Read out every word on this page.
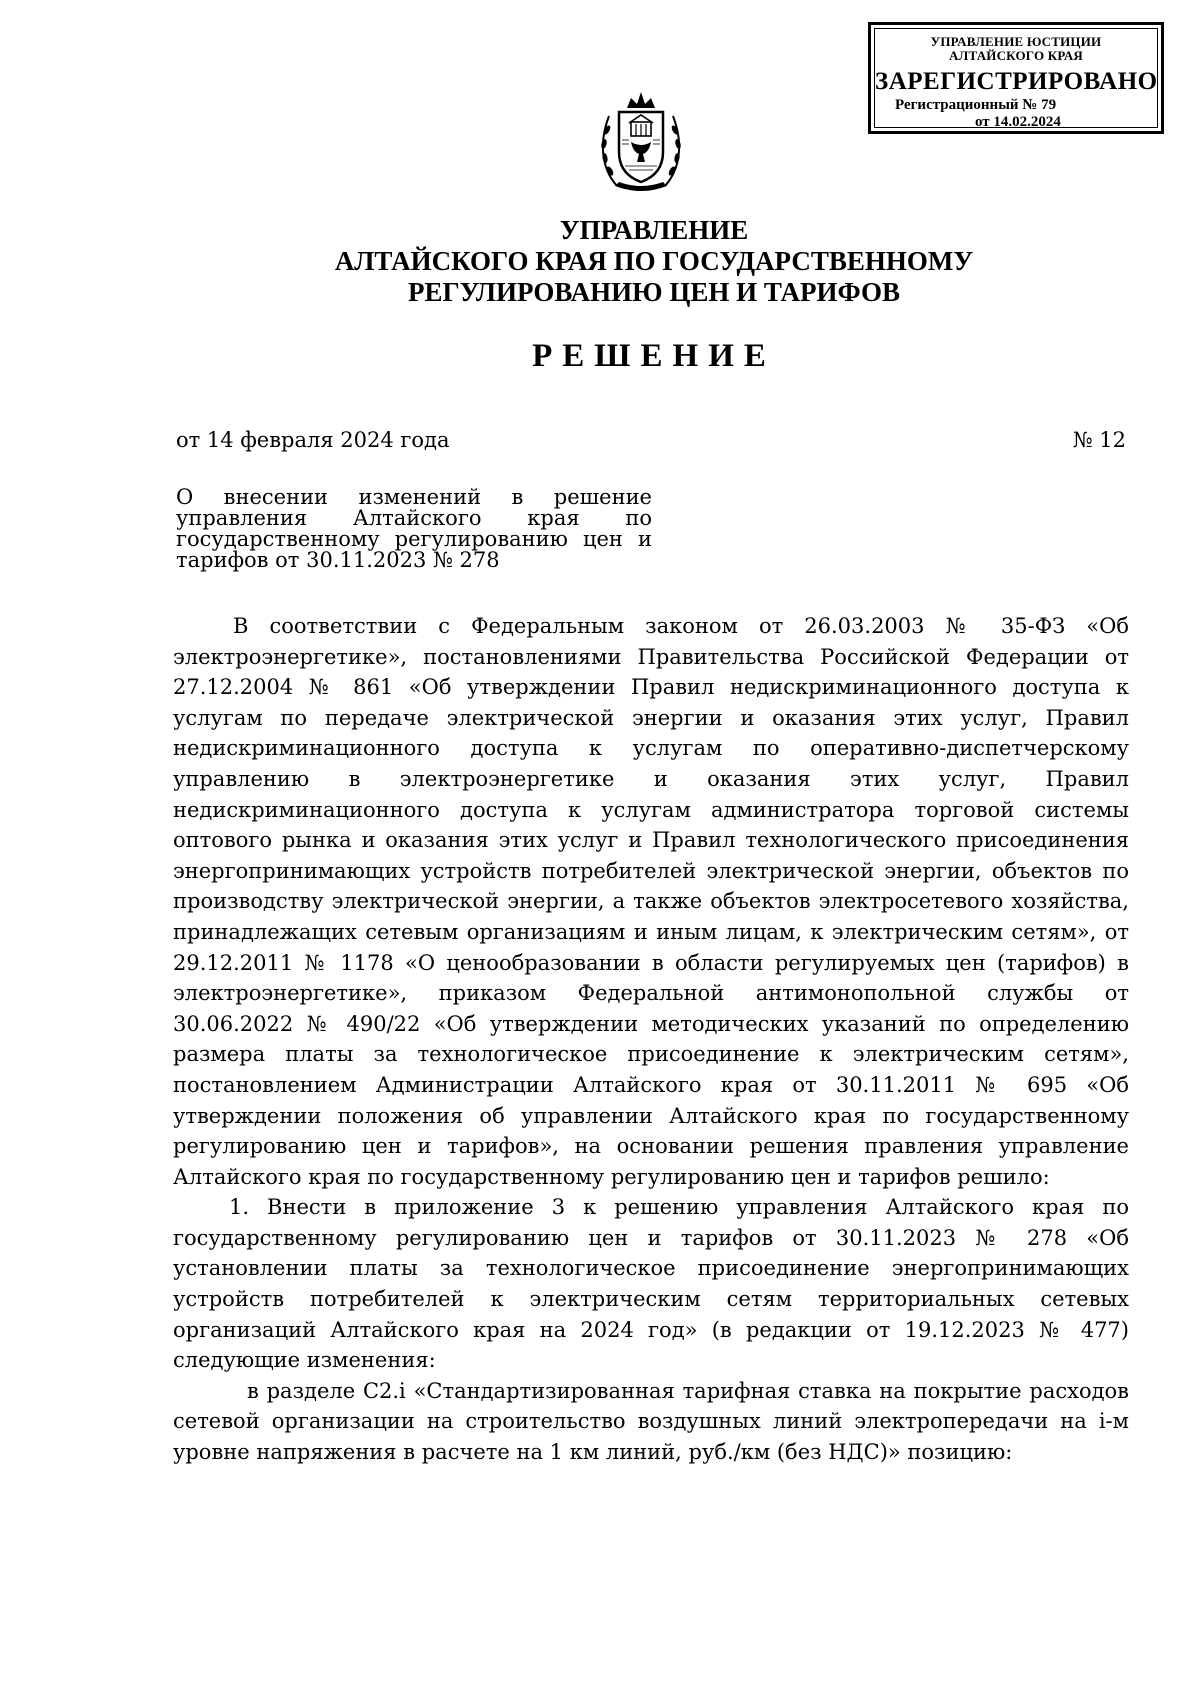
УПРАВЛЕНИЕ ЮСТИЦИИ
АЛТАЙСКОГО КРАЯ
ЗАРЕГИСТРИРОВАНО
Регистрационный № 79
от 14.02.2024
УПРАВЛЕНИЕ
АЛТАЙСКОГО КРАЯ ПО ГОСУДАРСТВЕННОМУ
РЕГУЛИРОВАНИЮ ЦЕН И ТАРИФОВ
РЕШЕНИЕ
от 14 февраля 2024 года	№ 12
О внесении изменений в решение управления Алтайского края по государственному регулированию цен и тарифов от 30.11.2023 № 278

В соответствии с Федеральным законом от 26.03.2003 № 35-ФЗ «Об электроэнергетике», постановлениями Правительства Российской Федерации от 27.12.2004 № 861 «Об утверждении Правил недискриминационного доступа к услугам по передаче электрической энергии и оказания этих услуг, Правил недискриминационного доступа к услугам по оперативно-диспетчерскому управлению в электроэнергетике и оказания этих услуг, Правил недискриминационного доступа к услугам администратора торговой системы оптового рынка и оказания этих услуг и Правил технологического присоединения энергопринимающих устройств потребителей электрической энергии, объектов по производству электрической энергии, а также объектов электросетевого хозяйства, принадлежащих сетевым организациям и иным лицам, к электрическим сетям», от 29.12.2011 № 1178 «О ценообразовании в области регулируемых цен (тарифов) в электроэнергетике», приказом Федеральной антимонопольной службы от 30.06.2022 № 490/22 «Об утверждении методических указаний по определению размера платы за технологическое присоединение к электрическим сетям», постановлением Администрации Алтайского края от 30.11.2011 № 695 «Об утверждении положения об управлении Алтайского края по государственному регулированию цен и тарифов», на основании решения правления управление Алтайского края по государственному регулированию цен и тарифов решило:

1. Внести в приложение 3 к решению управления Алтайского края по государственному регулированию цен и тарифов от 30.11.2023 № 278 «Об установлении платы за технологическое присоединение энергопринимающих устройств потребителей к электрическим сетям территориальных сетевых организаций Алтайского края на 2024 год» (в редакции от 19.12.2023 № 477) следующие изменения:

в разделе С2.i «Стандартизированная тарифная ставка на покрытие расходов сетевой организации на строительство воздушных линий электропередачи на i-м уровне напряжения в расчете на 1 км линий, руб./км (без НДС)» позицию:
